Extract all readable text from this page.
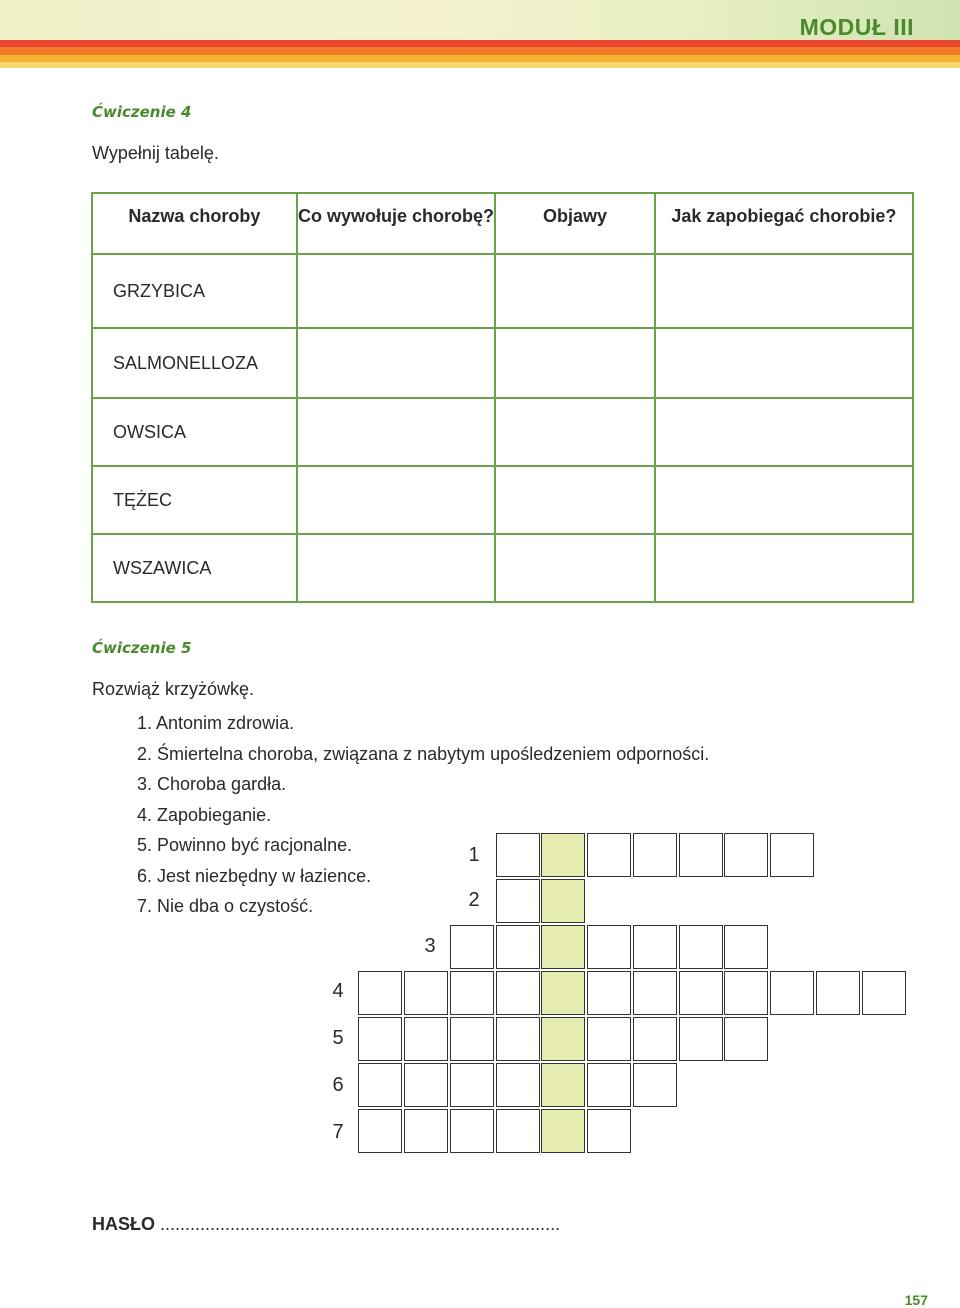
MODUŁ III
Ćwiczenie 4
Wypełnij tabelę.
Nazwa choroby	Co wywołuje chorobę?	Objawy	Jak zapobiegać chorobie?
GRZYBICA			
SALMONELLOZA			
OWSICA			
TĘŻEC			
WSZAWICA			
Ćwiczenie 5
Rozwiąż krzyżówkę.
1. Antonim zdrowia.
2. Śmiertelna choroba, związana z nabytym upośledzeniem odporności.
3. Choroba gardła.
4. Zapobieganie.
5. Powinno być racjonalne.
6. Jest niezbędny w łazience.
7. Nie dba o czystość.
1
2
3
4
5
6
7
HASŁO ................................................................................
157
